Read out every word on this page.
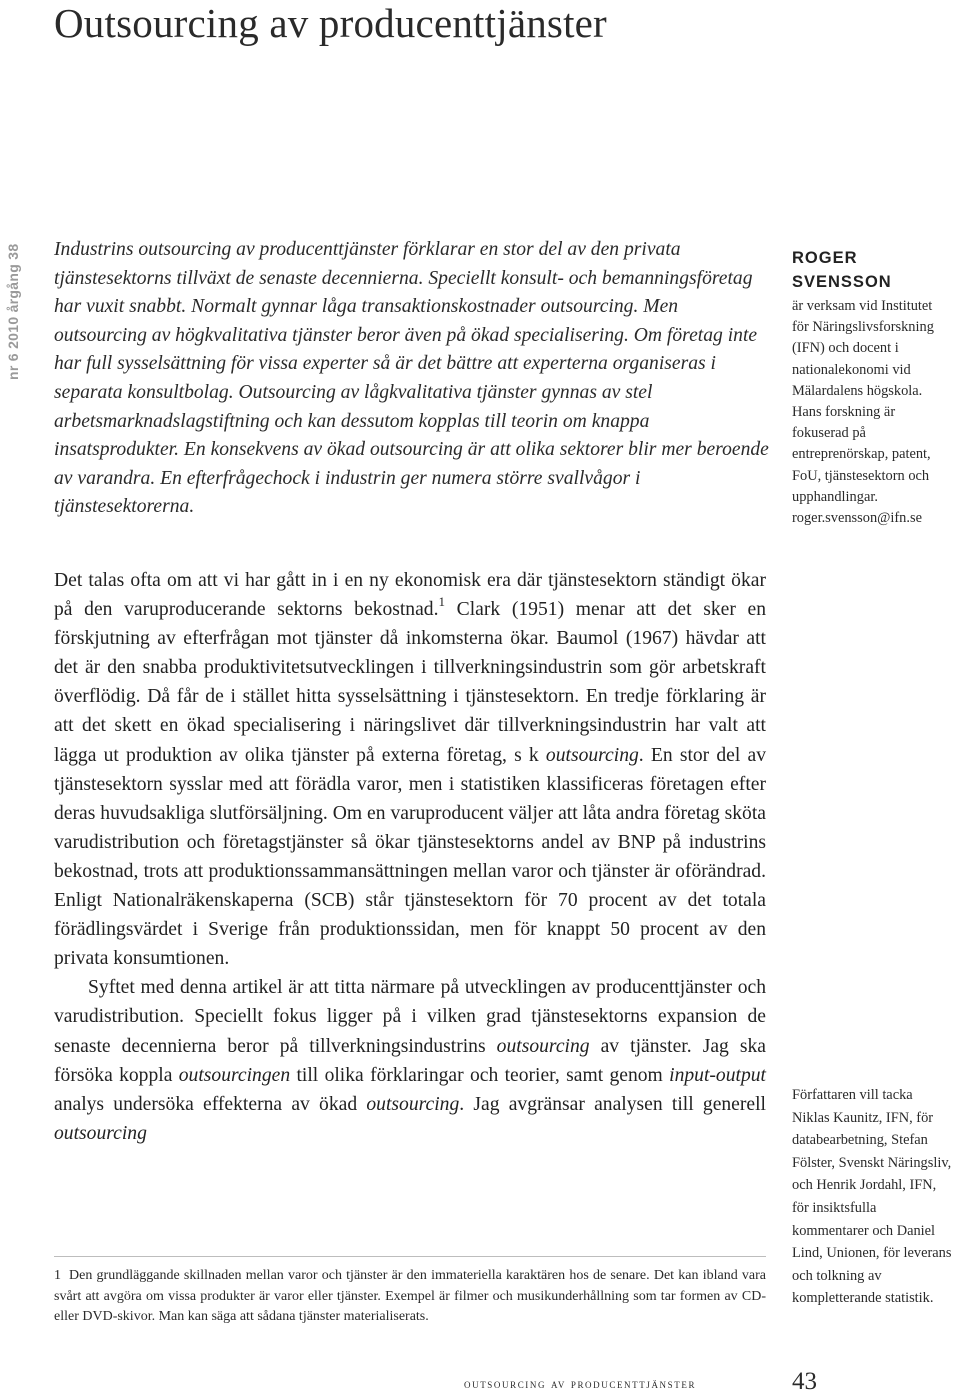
Outsourcing av producenttjänster
nr 6 2010 årgång 38 Industrins outsourcing av producenttjänster förklarar en stor del av den privata tjänstesektorns tillväxt de senaste decennierna. Speciellt konsult- och bemanningsföretag har vuxit snabbt. Normalt gynnar låga transaktionskostnader outsourcing. Men outsourcing av högkvalitativa tjänster beror även på ökad specialisering. Om företag inte har full sysselsättning för vissa experter så är det bättre att experterna organiseras i separata konsultbolag. Outsourcing av lågkvalitativa tjänster gynnas av stel arbetsmarknadslagstiftning och kan dessutom kopplas till teorin om knappa insatsprodukter. En konsekvens av ökad outsourcing är att olika sektorer blir mer beroende av varandra. En efterfrågechock i industrin ger numera större svallvågor i tjänstesektorerna.

Det talas ofta om att vi har gått in i en ny ekonomisk era där tjänstesektorn ständigt ökar på den varuproducerande sektorns bekostnad.$^1$ Clark (1951) menar att det sker en förskjutning av efterfrågan mot tjänster då inkomsterna ökar. Baumol (1967) hävdar att det är den snabba produktivitetsutvecklingen i tillverkningsindustrin som gör arbetskraft överflödig. Då får de i stället hitta sysselsättning i tjänstesektorn. En tredje förklaring är att det skett en ökad specialisering i näringslivet där tillverkningsindustrin har valt att lägga ut produktion av olika tjänster på externa företag, s k outsourcing. En stor del av tjänstesektorn sysslar med att förädla varor, men i statistiken klassificeras företagen efter deras huvudsakliga slutförsäljning. Om en varuproducent väljer att låta andra företag sköta varudistribution och företagstjänster så ökar tjänstesektorns andel av BNP på industrins bekostnad, trots att produktionssammansättningen mellan varor och tjänster är oförändrad. Enligt Nationalräkenskaperna (SCB) står tjänstesektorn för 70 procent av det totala förädlingsvärdet i Sverige från produktionssidan, men för knappt 50 procent av den privata konsumtionen.

Syftet med denna artikel är att titta närmare på utvecklingen av producenttjänster och varudistribution. Speciellt fokus ligger på i vilken grad tjänstesektorns expansion de senaste decennierna beror på tillverkningsindustrins outsourcing av tjänster. Jag ska försöka koppla outsourcingen till olika förklaringar och teorier, samt genom input-output analys undersöka effekterna av ökad outsourcing. Jag avgränsar analysen till generell outsourcing

1 Den grundläggande skillnaden mellan varor och tjänster är den immateriella karaktären hos de senare. Det kan ibland vara svårt att avgöra om vissa produkter är varor eller tjänster. Exempel är filmer och musikunderhållning som tar formen av CD- eller DVD-skivor. Man kan säga att sådana tjänster materialiserats.

ROGER

SVENSSON

är verksam vid Institutet för Näringslivsforskning (IFN) och docent i nationalekonomi vid Mälardalens högskola. Hans forskning är fokuserad på entreprenörskap, patent, FoU, tjänstesektorn och upphandlingar. roger.svensson@ifn.se

Författaren vill tacka Niklas Kaunitz, IFN, för databearbetning, Stefan Fölster, Svenskt Näringsliv, och Henrik Jordahl, IFN, för insiktsfulla kommentarer och Daniel Lind, Unionen, för leverans och tolkning av kompletterande statistik.

outsourcing av producenttjänster	43
